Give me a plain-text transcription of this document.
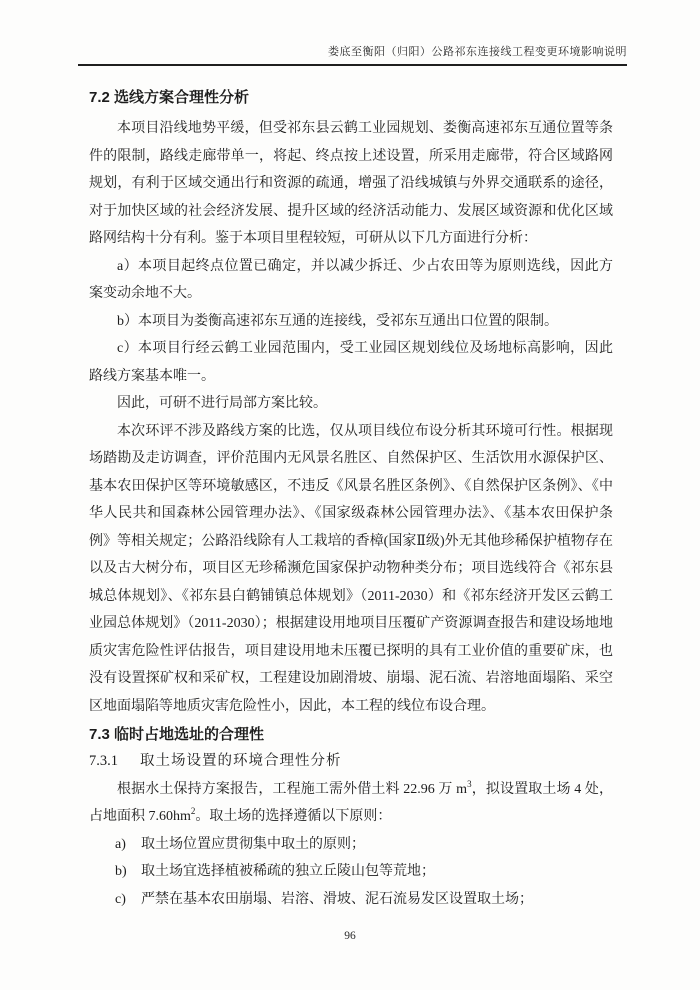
娄底至衡阳（归阳）公路祁东连接线工程变更环境影响说明
7.2 选线方案合理性分析

本项目沿线地势平缓，但受祁东县云鹤工业园规划、娄衡高速祁东互通位置等条件的限制，路线走廊带单一，将起、终点按上述设置，所采用走廊带，符合区域路网规划，有利于区域交通出行和资源的疏通，增强了沿线城镇与外界交通联系的途径，对于加快区域的社会经济发展、提升区域的经济活动能力、发展区域资源和优化区域路网结构十分有利。鉴于本项目里程较短，可研从以下几方面进行分析：

a）本项目起终点位置已确定，并以减少拆迁、少占农田等为原则选线，因此方案变动余地不大。

b）本项目为娄衡高速祁东互通的连接线，受祁东互通出口位置的限制。

c）本项目行经云鹤工业园范围内，受工业园区规划线位及场地标高影响，因此路线方案基本唯一。

因此，可研不进行局部方案比较。

本次环评不涉及路线方案的比选，仅从项目线位布设分析其环境可行性。根据现场踏勘及走访调查，评价范围内无风景名胜区、自然保护区、生活饮用水源保护区、基本农田保护区等环境敏感区，不违反《风景名胜区条例》、《自然保护区条例》、《中华人民共和国森林公园管理办法》、《国家级森林公园管理办法》、《基本农田保护条例》等相关规定；公路沿线除有人工栽培的香樟(国家Ⅱ级)外无其他珍稀保护植物存在以及古大树分布，项目区无珍稀濒危国家保护动物种类分布；项目选线符合《祁东县城总体规划》、《祁东县白鹤铺镇总体规划》（2011-2030）和《祁东经济开发区云鹤工业园总体规划》（2011-2030）；根据建设用地项目压覆矿产资源调查报告和建设场地地质灾害危险性评估报告，项目建设用地未压覆已探明的具有工业价值的重要矿床，也没有设置探矿权和采矿权，工程建设加剧滑坡、崩塌、泥石流、岩溶地面塌陷、采空区地面塌陷等地质灾害危险性小，因此，本工程的线位布设合理。

7.3 临时占地选址的合理性
7.3.1 取土场设置的环境合理性分析

根据水土保持方案报告，工程施工需外借土料 22.96 万 $m^3$，拟设置取土场 4 处，占地面积 $7.60hm^2$。取土场的选择遵循以下原则：

a)	取土场位置应贯彻集中取土的原则；
b)	取土场宜选择植被稀疏的独立丘陵山包等荒地；
c)	严禁在基本农田崩塌、岩溶、滑坡、泥石流易发区设置取土场；
96
